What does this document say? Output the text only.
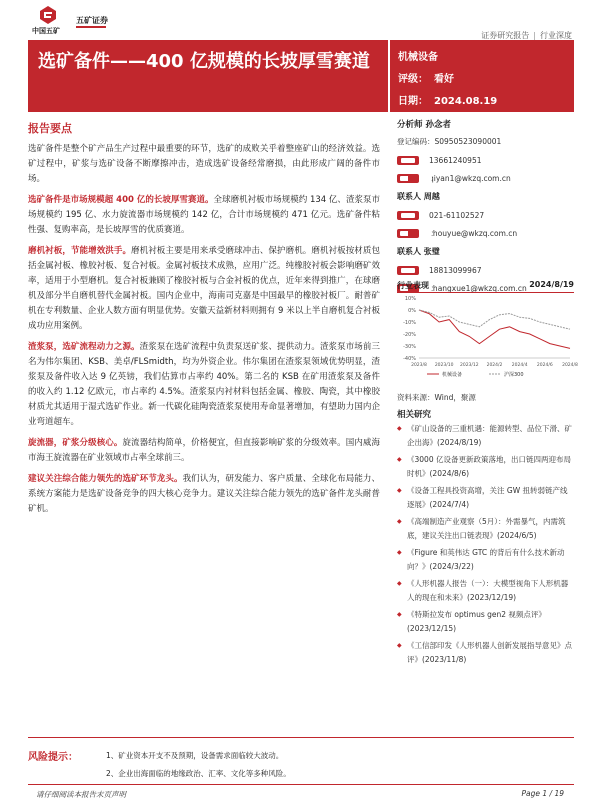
中国五矿
五矿证券
证券研究报告 | 行业深度
选矿备件——400 亿规模的长坡厚雪赛道	机械设备
评级： 看好
日期： 2024.08.19
报告要点
选矿备件是整个矿产品生产过程中最重要的环节，选矿的成败关乎着整座矿山的经济效益。选矿过程中，矿浆与选矿设备不断摩擦冲击，造成选矿设备经常磨损，由此形成广阔的备件市场。
选矿备件是市场规模超 400 亿的长坡厚雪赛道。全球磨机衬板市场规模约 134 亿、渣浆泵市场规模约 195 亿、水力旋流器市场规模约 142 亿，合计市场规模约 471 亿元。选矿备件粘性强、复购率高，是长坡厚雪的优质赛道。
磨机衬板，节能增效洪手。磨机衬板主要是用来承受磨球冲击、保护磨机。磨机衬板按材质包括金属衬板、橡胶衬板、复合衬板。金属衬板技术成熟，应用广泛。纯橡胶衬板会影响磨矿效率，适用于小型磨机。复合衬板兼顾了橡胶衬板与合金衬板的优点，近年来得到推广，在球磨机及部分半自磨机替代金属衬板。国内企业中，海南司克嘉是中国最早的橡胶衬板厂。耐普矿机在专利数量、企业人数方面有明显优势。安徽天益新材料则拥有 9 米以上半自磨机复合衬板成功应用案例。
渣浆泵，选矿流程动力之源。渣浆泵在选矿流程中负责泵送矿浆、提供动力。渣浆泵市场前三名为伟尔集团、KSB、美卓/FLSmidth，均为外资企业。伟尔集团在渣浆泵领域优势明显，渣浆泵及备件收入达 9 亿英镑，我们估算市占率约 40%。第二名的 KSB 在矿用渣浆泵及备件的收入约 1.12 亿欧元，市占率约 4.5%。渣浆泵内衬材料包括金属、橡胶、陶瓷，其中橡胶材质尤其适用于湿式选矿作业。新一代碳化硅陶瓷渣浆泵使用寿命显著增加，有望助力国内企业弯道超车。
旋流器，矿浆分级核心。旋流器结构简单，价格便宜，但直接影响矿浆的分级效率。国内威海市海王旋流器在矿业领域市占率全球前三。
建议关注综合能力领先的选矿环节龙头。我们认为，研发能力、客户质量、全球化布局能力、系统方案能力是选矿设备竞争的四大核心竞争力。建议关注综合能力领先的选矿备件龙头耐普矿机。
分析师 孙念者
登记编码：S0950523090001
13661240951
qiyan1@wkzq.com.cn
联系人 周越
021-61102527
zhouyue@wkzq.com.cn
联系人 张璧
18813099967
zhangxue1@wkzq.com.cn
行业表现	2024/8/19
10%
0%
-10%
-20%
-30%
-40%
2023/8 2023/10 2023/12 2024/2 2024/4 2024/6 2024/8
机械设备	沪深300
资料来源：Wind，聚源
相关研究
◆ 《矿山设备的三重机遇：能源转型、品位下滑、矿企出海》(2024/8/19)
◆ 《3000 亿设备更新政策落地，出口链四两迎布局时机》(2024/8/6)
◆ 《设备工程具投资高增，关注 GW 扭转弱链产线逐展》(2024/7/4)
◆ 《高端制造产业观察（5月）：外需暴气，内需筑底，建议关注出口链表现》(2024/6/5)
◆ 《Figure 和英伟达 GTC 的背后有什么技术新动向？》(2024/3/22)
◆ 《人形机器人报告（一）：大模型视角下人形机器人的现在和未来》(2023/12/19)
◆ 《特斯拉发布 optimus gen2 视频点评》(2023/12/15)
◆ 《工信部印发《人形机器人创新发展指导意见》点评》(2023/11/8)
风险提示：	1、矿业资本开支不及预期，设备需求面临较大波动。
2、企业出海面临的地缘政治、汇率、文化等多种风险。
请仔细阅读本报告末页声明	Page 1 / 19
